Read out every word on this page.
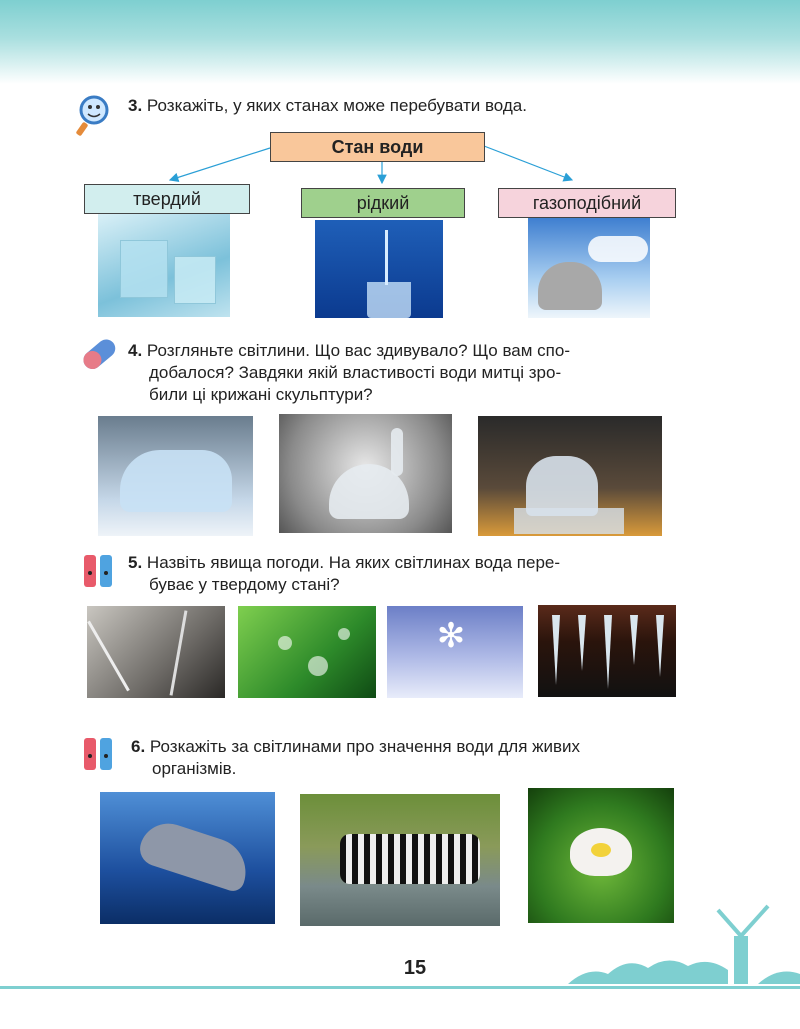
3. Розкажіть, у яких станах може перебувати вода.
Стан води
твердий	рідкий	газоподібний
4. Розгляньте світлини. Що вас здивувало? Що вам спо-
добалося? Завдяки якій властивості води митці зро-
били ці крижані скульптури?
5. Назвіть явища погоди. На яких світлинах вода пере-
буває у твердому стані?
✻
6. Розкажіть за світлинами про значення води для живих
організмів.
15
